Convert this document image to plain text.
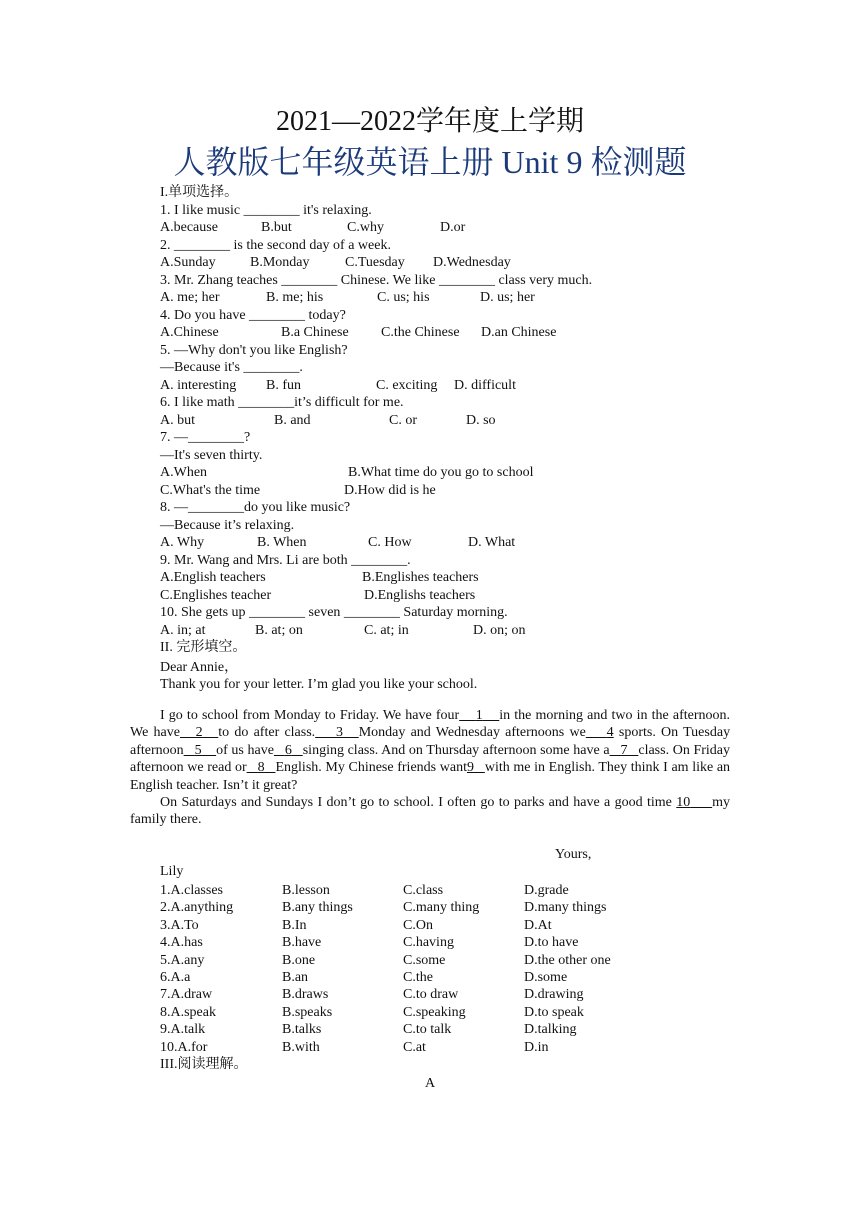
2021—2022学年度上学期
人教版七年级英语上册 Unit 9 检测题
I.单项选择。
1. I like music ________ it's relaxing.
A.because	B.but	C.why	D.or
2. ________ is the second day of a week.
A.Sunday	B.Monday	C.Tuesday	D.Wednesday
3. Mr. Zhang teaches ________ Chinese. We like ________ class very much.
A. me; her	B. me; his	C. us; his	D. us; her
4. Do you have ________ today?
A.Chinese	B.a Chinese	C.the Chinese	D.an Chinese
5. —Why don't you like English?
—Because it's ________.
A. interesting	B. fun	C. exciting	D. difficult
6. I like math ________it’s difficult for me.
A. but	B. and	C. or	D. so
7. —________?
—It's seven thirty.
A.When	B.What time do you go to school
C.What's the time	D.How did is he
8. —________do you like music?
—Because it’s relaxing.
A. Why	B. When	C. How	D. What
9. Mr. Wang and Mrs. Li are both ________.
A.English teachers	B.Englishes teachers
C.Englishes teacher	D.Englishs teachers
10. She gets up ________ seven ________ Saturday morning.
A. in; at	B. at; on	C. at; in	D. on; on
II. 完形填空。
Dear Annie，
Thank you for your letter. I’m glad you like your school.

I go to school from Monday to Friday. We have four 1 in the morning and two in the afternoon. We have 2 to do after class. 3 Monday and Wednesday afternoons we 4 sports. On Tuesday afternoon 5 of us have 6 singing class. And on Thursday afternoon some have a 7 class. On Friday afternoon we read or 8 English. My Chinese friends want9 with me in English. They think I am like an English teacher. Isn’t it great?

On Saturdays and Sundays I don’t go to school. I often go to parks and have a good time 10 my family there.

Yours,
Lily
1.A.classes	B.lesson	C.class	D.grade
2.A.anything	B.any things	C.many thing	D.many things
3.A.To	B.In	C.On	D.At
4.A.has	B.have	C.having	D.to have
5.A.any	B.one	C.some	D.the other one
6.A.a	B.an	C.the	D.some
7.A.draw	B.draws	C.to draw	D.drawing
8.A.speak	B.speaks	C.speaking	D.to speak
9.A.talk	B.talks	C.to talk	D.talking
10.A.for	B.with	C.at	D.in
III.阅读理解。
A
